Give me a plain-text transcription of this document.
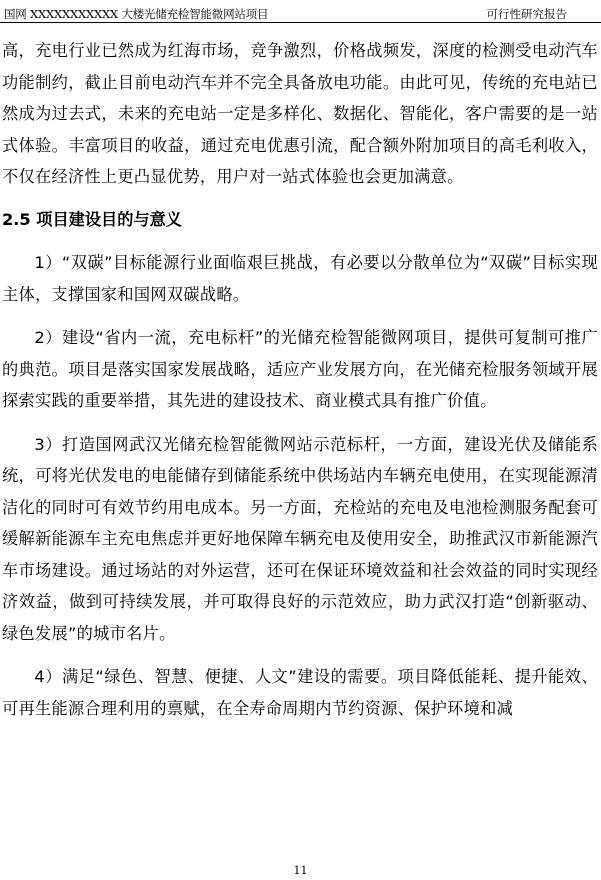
国网 XXXXXXXXXXX 大楼光储充检智能微网站项目	可行性研究报告

高，充电行业已然成为红海市场，竞争激烈，价格战频发，深度的检测受电动汽车功能制约，截止目前电动汽车并不完全具备放电功能。由此可见，传统的充电站已然成为过去式，未来的充电站一定是多样化、数据化、智能化，客户需要的是一站式体验。丰富项目的收益，通过充电优惠引流，配合额外附加项目的高毛利收入，不仅在经济性上更凸显优势，用户对一站式体验也会更加满意。

2.5 项目建设目的与意义

1）“双碳”目标能源行业面临艰巨挑战，有必要以分散单位为“双碳”目标实现主体，支撑国家和国网双碳战略。

2）建设“省内一流，充电标杆”的光储充检智能微网项目，提供可复制可推广的典范。项目是落实国家发展战略，适应产业发展方向，在光储充检服务领域开展探索实践的重要举措，其先进的建设技术、商业模式具有推广价值。

3）打造国网武汉光储充检智能微网站示范标杆，一方面，建设光伏及储能系统，可将光伏发电的电能储存到储能系统中供场站内车辆充电使用，在实现能源清洁化的同时可有效节约用电成本。另一方面，充检站的充电及电池检测服务配套可缓解新能源车主充电焦虑并更好地保障车辆充电及使用安全，助推武汉市新能源汽车市场建设。通过场站的对外运营，还可在保证环境效益和社会效益的同时实现经济效益，做到可持续发展，并可取得良好的示范效应，助力武汉打造“创新驱动、绿色发展”的城市名片。

4）满足“绿色、智慧、便捷、人文”建设的需要。项目降低能耗、提升能效、可再生能源合理利用的禀赋，在全寿命周期内节约资源、保护环境和减

11
